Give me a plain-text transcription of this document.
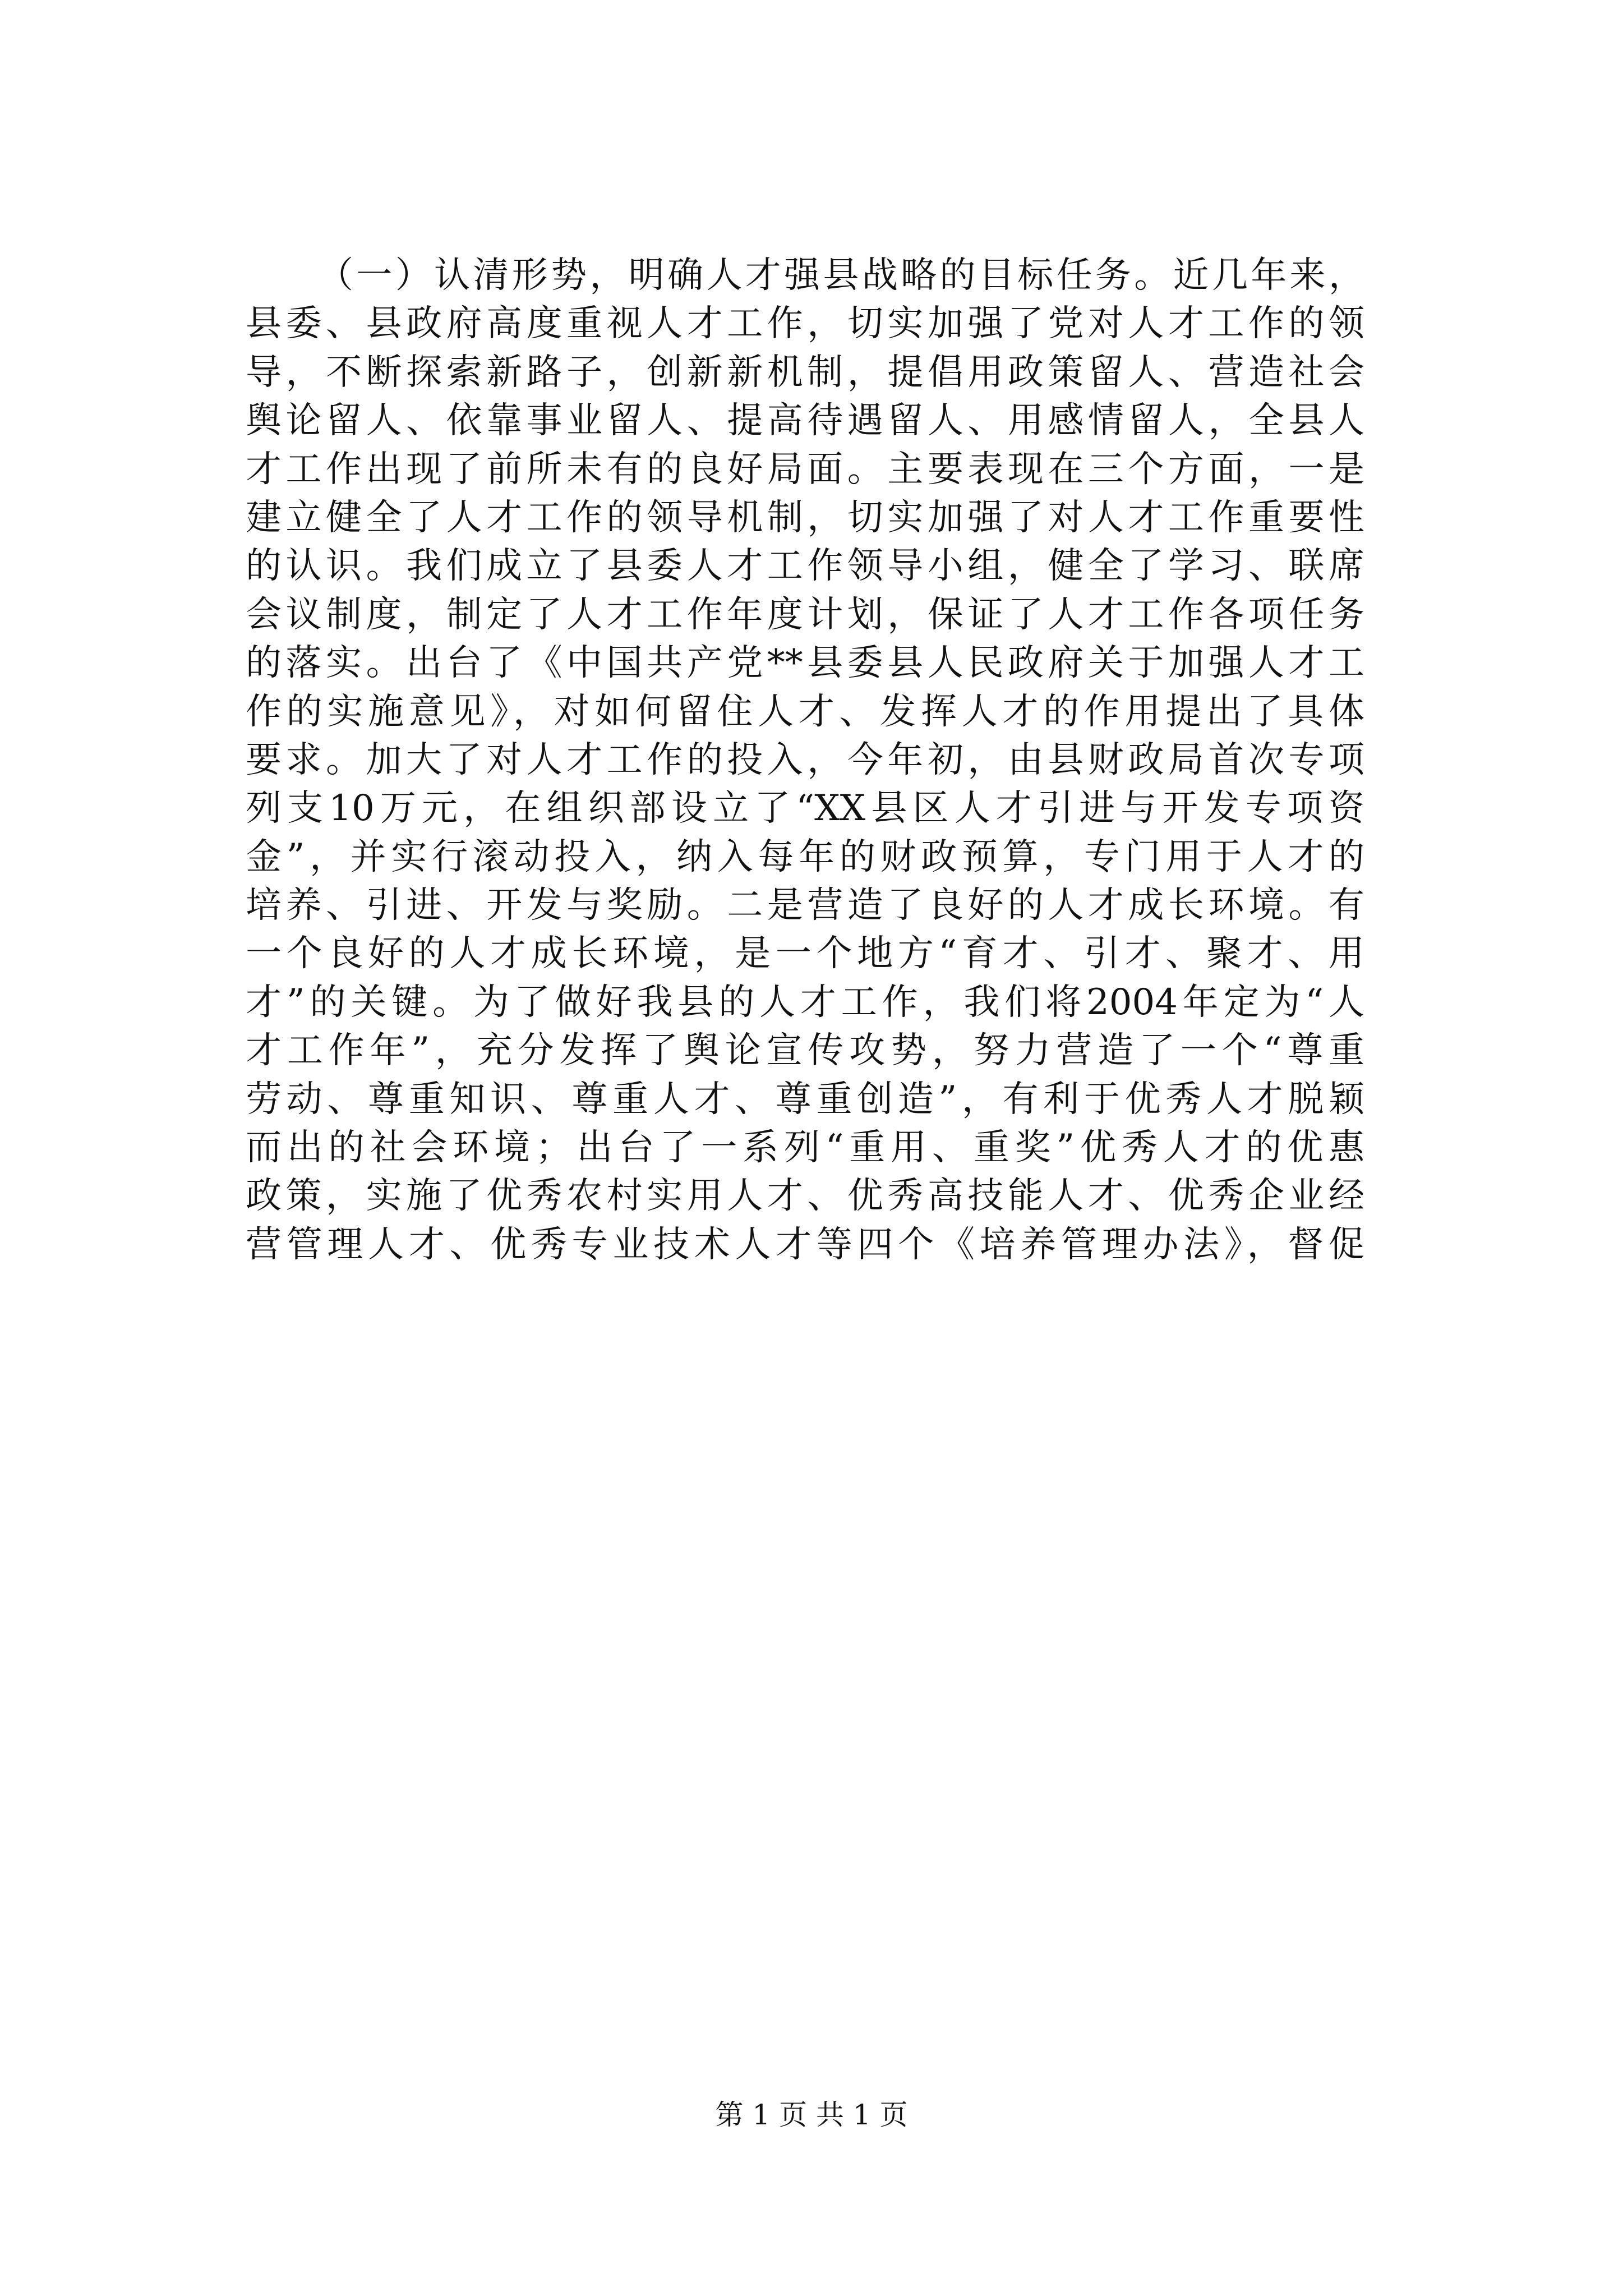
（一）认清形势，明确人才强县战略的目标任务。近几年来，
县委、县政府高度重视人才工作，切实加强了党对人才工作的领
导，不断探索新路子，创新新机制，提倡用政策留人、营造社会
舆论留人、依靠事业留人、提高待遇留人、用感情留人，全县人
才工作出现了前所未有的良好局面。主要表现在三个方面，一是
建立健全了人才工作的领导机制，切实加强了对人才工作重要性
的认识。我们成立了县委人才工作领导小组，健全了学习、联席
会议制度，制定了人才工作年度计划，保证了人才工作各项任务
的落实。出台了《中国共产党**县委县人民政府关于加强人才工
作的实施意见》，对如何留住人才、发挥人才的作用提出了具体
要求。加大了对人才工作的投入，今年初，由县财政局首次专项
列支10万元，在组织部设立了“XX县区人才引进与开发专项资
金”，并实行滚动投入，纳入每年的财政预算，专门用于人才的
培养、引进、开发与奖励。二是营造了良好的人才成长环境。有
一个良好的人才成长环境，是一个地方“育才、引才、聚才、用
才”的关键。为了做好我县的人才工作，我们将2004年定为“人
才工作年”，充分发挥了舆论宣传攻势，努力营造了一个“尊重
劳动、尊重知识、尊重人才、尊重创造”，有利于优秀人才脱颖
而出的社会环境；出台了一系列“重用、重奖”优秀人才的优惠
政策，实施了优秀农村实用人才、优秀高技能人才、优秀企业经
营管理人才、优秀专业技术人才等四个《培养管理办法》，督促

第 1 页 共 1 页
